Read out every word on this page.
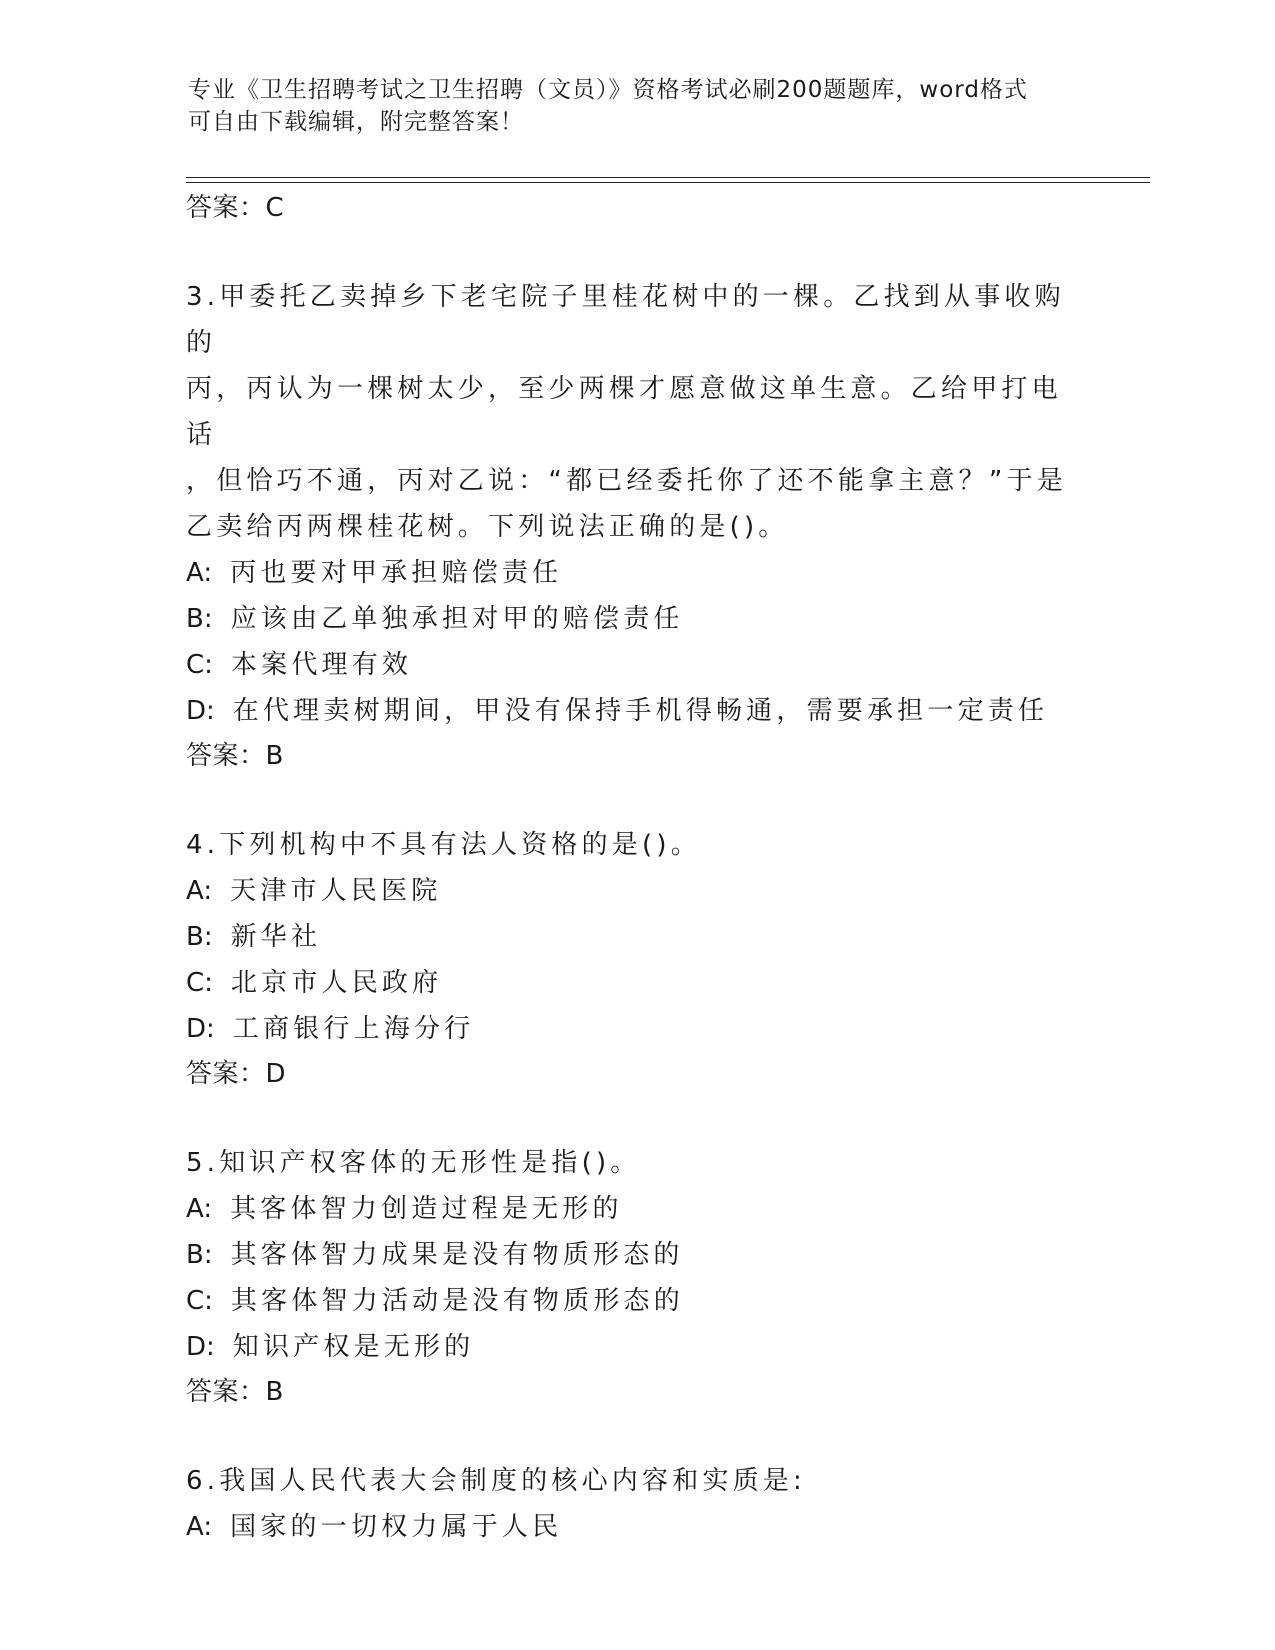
专业《卫生招聘考试之卫生招聘（文员）》资格考试必刷200题题库，word格式
可自由下载编辑，附完整答案！
答案：C
3.甲委托乙卖掉乡下老宅院子里桂花树中的一棵。乙找到从事收购的
丙，丙认为一棵树太少，至少两棵才愿意做这单生意。乙给甲打电话
，但恰巧不通，丙对乙说：“都已经委托你了还不能拿主意？”于是
乙卖给丙两棵桂花树。下列说法正确的是()。
A: 丙也要对甲承担赔偿责任
B: 应该由乙单独承担对甲的赔偿责任
C: 本案代理有效
D: 在代理卖树期间，甲没有保持手机得畅通，需要承担一定责任
答案：B
4.下列机构中不具有法人资格的是()。
A: 天津市人民医院
B: 新华社
C: 北京市人民政府
D: 工商银行上海分行
答案：D
5.知识产权客体的无形性是指()。
A: 其客体智力创造过程是无形的
B: 其客体智力成果是没有物质形态的
C: 其客体智力活动是没有物质形态的
D: 知识产权是无形的
答案：B
6.我国人民代表大会制度的核心内容和实质是:
A: 国家的一切权力属于人民
